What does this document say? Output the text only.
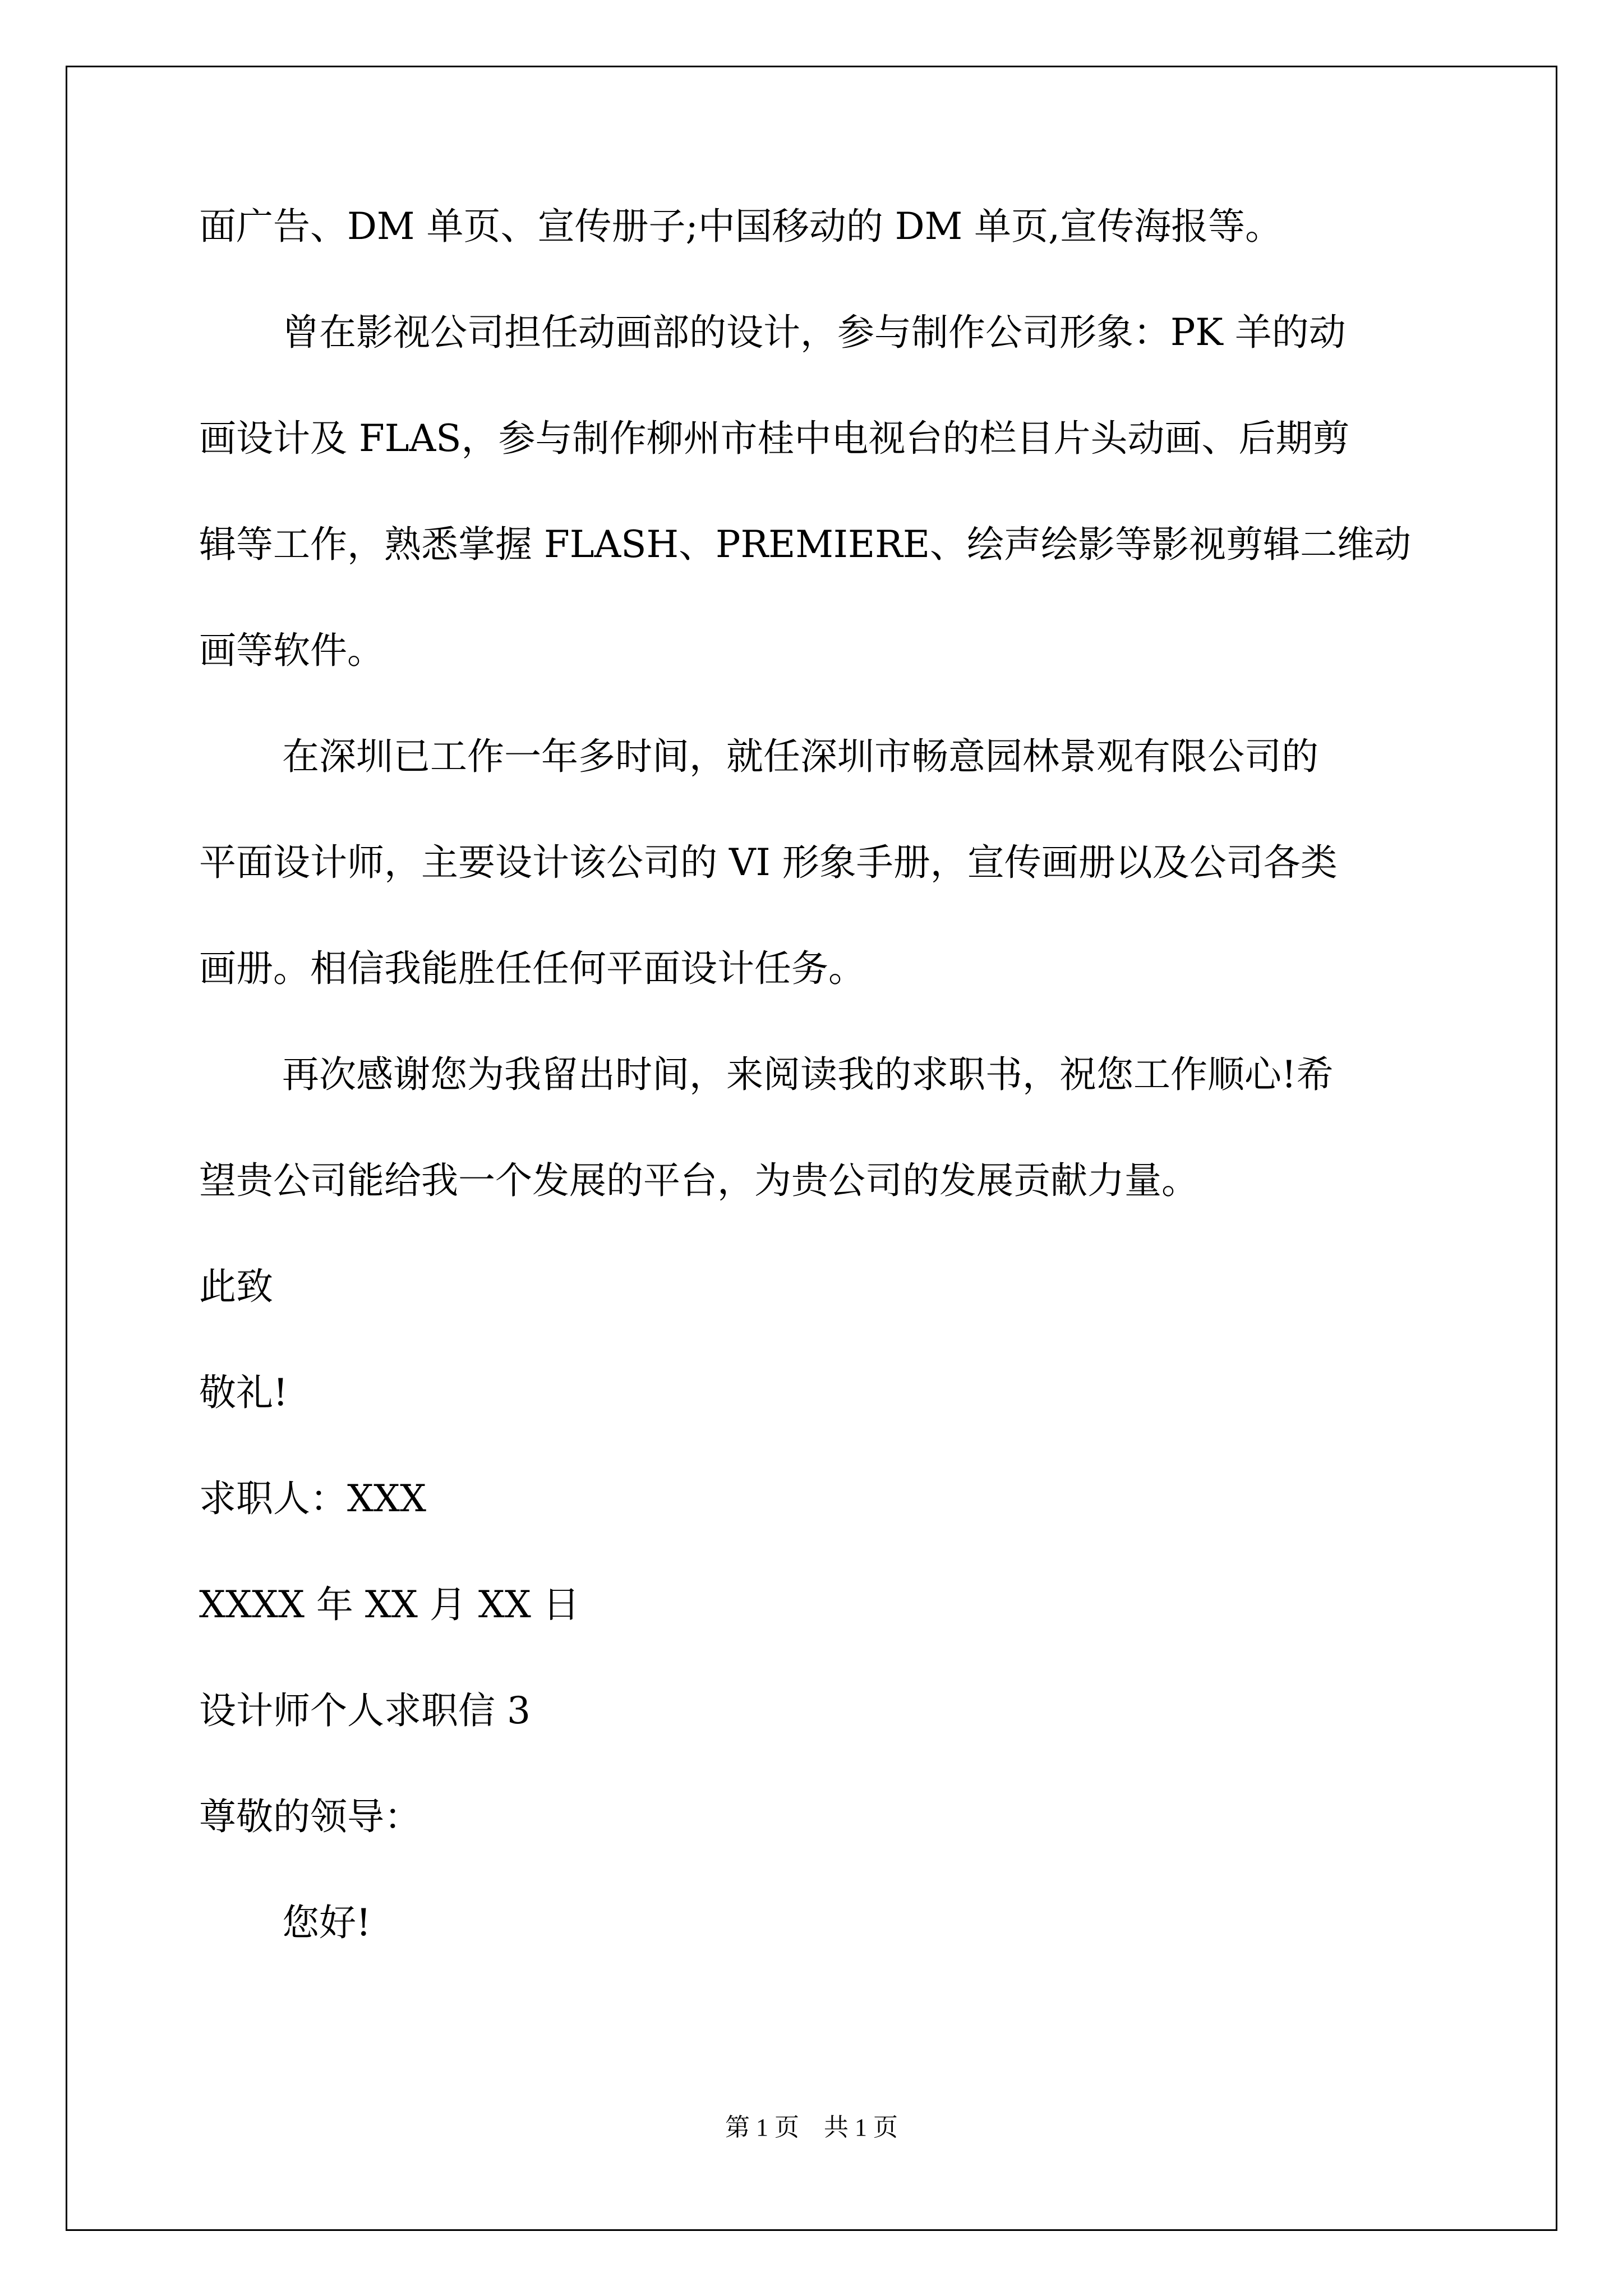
面广告、DM 单页、宣传册子;中国移动的 DM 单页,宣传海报等。
曾在影视公司担任动画部的设计，参与制作公司形象：PK 羊的动
画设计及 FLAS，参与制作柳州市桂中电视台的栏目片头动画、后期剪
辑等工作，熟悉掌握 FLASH、PREMIERE、绘声绘影等影视剪辑二维动
画等软件。
在深圳已工作一年多时间，就任深圳市畅意园林景观有限公司的
平面设计师，主要设计该公司的 VI 形象手册，宣传画册以及公司各类
画册。相信我能胜任任何平面设计任务。
再次感谢您为我留出时间，来阅读我的求职书，祝您工作顺心!希
望贵公司能给我一个发展的平台，为贵公司的发展贡献力量。
此致
敬礼!
求职人：XXX
XXXX 年 XX 月 XX 日
设计师个人求职信 3
尊敬的领导：
您好!
第 1 页　共 1 页
